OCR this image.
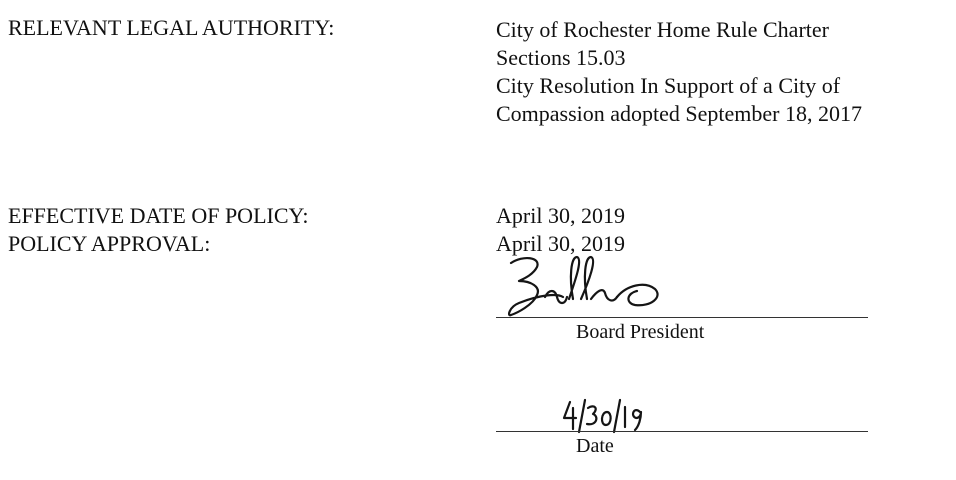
RELEVANT LEGAL AUTHORITY:	City of Rochester Home Rule Charter
Sections 15.03
City Resolution In Support of a City of
Compassion adopted September 18, 2017
EFFECTIVE DATE OF POLICY:	April 30, 2019
POLICY APPROVAL:	April 30, 2019
Board President
Date
